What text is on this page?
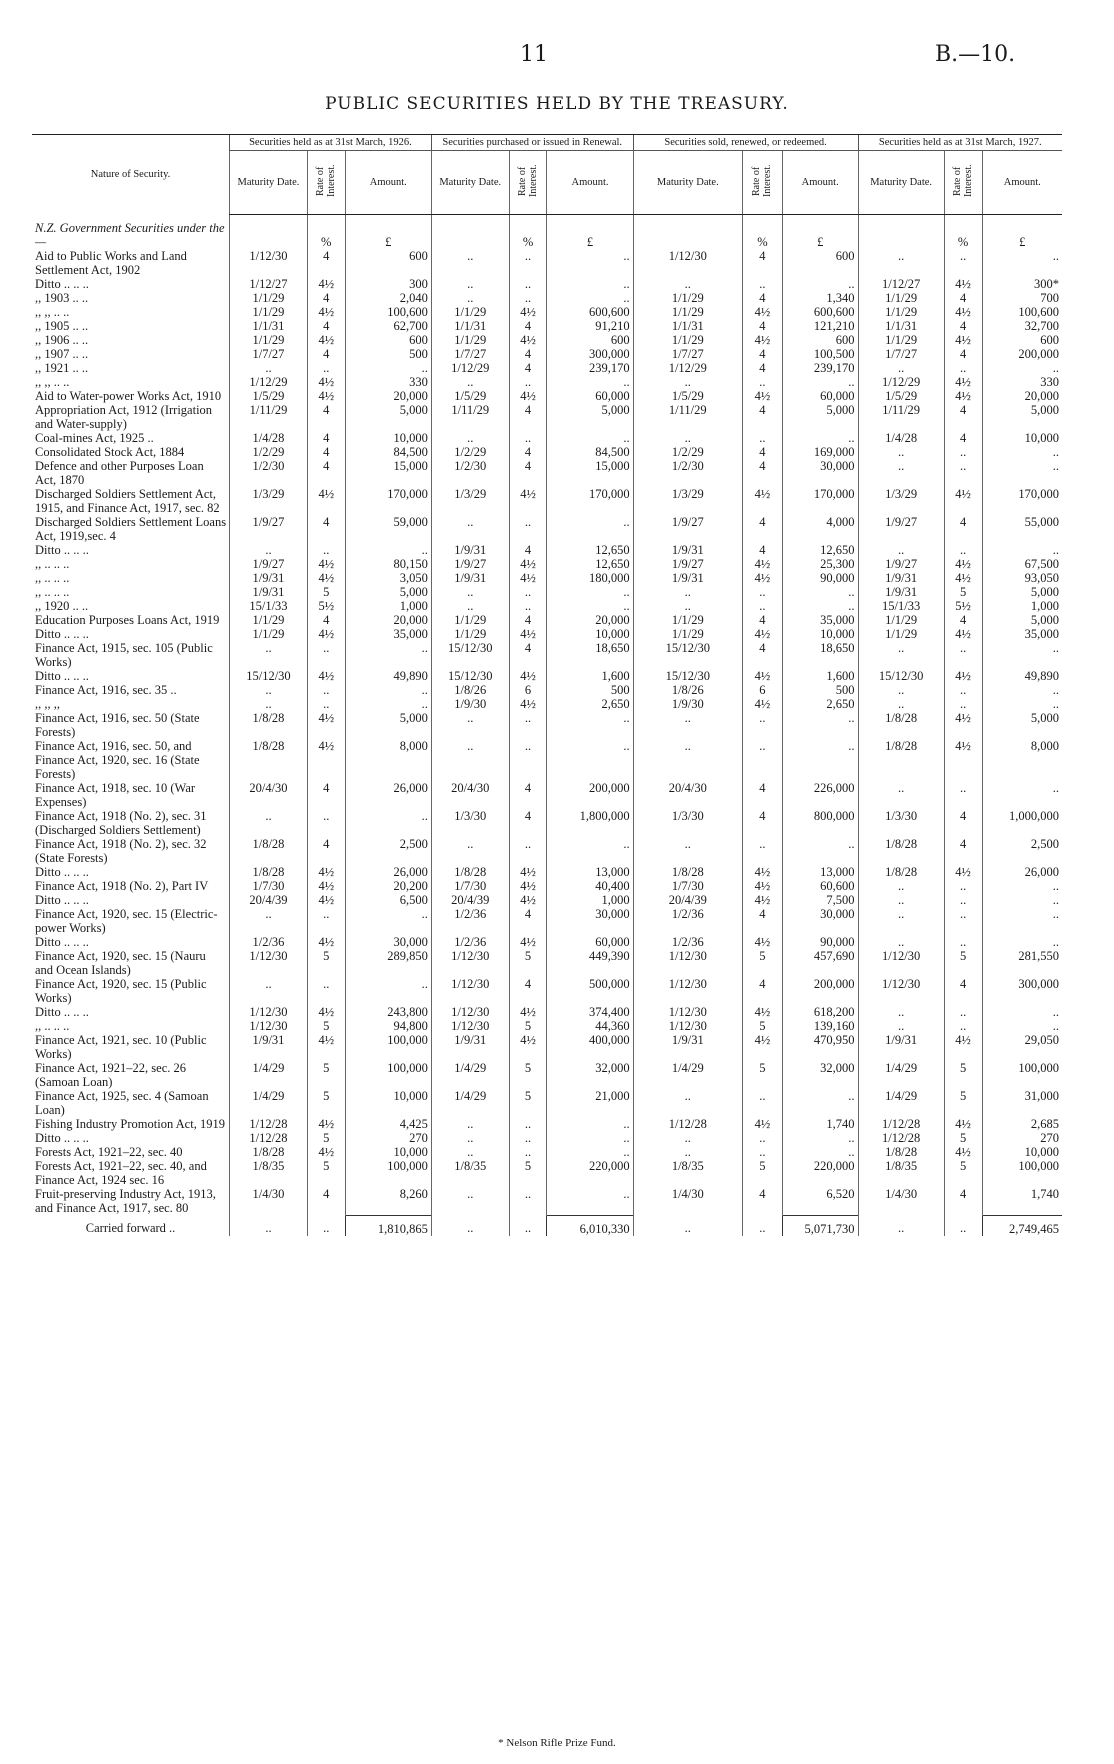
11	B.—10.
PUBLIC SECURITIES HELD BY THE TREASURY.
Nature of Security.	Securities held as at 31st March, 1926.			Securities purchased or issued in Renewal.			Securities sold, renewed, or redeemed.			Securities held as at 31st March, 1927.		
	Maturity Date.	Rate of Interest.	Amount.	Maturity Date.	Rate of Interest.	Amount.	Maturity Date.	Rate of Interest.	Amount.	Maturity Date.	Rate of Interest.	Amount.
N.Z. Government Securities under the—		%	£		%	£		%	£		%	£
Aid to Public Works and Land Settlement Act, 1902	1/12/30	4	600	..	..	..	1/12/30	4	600	..	..	..
Ditto .. .. ..	1/12/27	4½	300	..	..	..	..	..	..	1/12/27	4½	300*
,, 1903 .. ..	1/1/29	4	2,040	..	..	..	1/1/29	4	1,340	1/1/29	4	700
,, ,, .. ..	1/1/29	4½	100,600	1/1/29	4½	600,600	1/1/29	4½	600,600	1/1/29	4½	100,600
,, 1905 .. ..	1/1/31	4	62,700	1/1/31	4	91,210	1/1/31	4	121,210	1/1/31	4	32,700
,, 1906 .. ..	1/1/29	4½	600	1/1/29	4½	600	1/1/29	4½	600	1/1/29	4½	600
,, 1907 .. ..	1/7/27	4	500	1/7/27	4	300,000	1/7/27	4	100,500	1/7/27	4	200,000
,, 1921 .. ..	..	..	..	1/12/29	4	239,170	1/12/29	4	239,170	..	..	..
,, ,, .. ..	1/12/29	4½	330	..	..	..	..	..	..	1/12/29	4½	330
Aid to Water-power Works Act, 1910	1/5/29	4½	20,000	1/5/29	4½	60,000	1/5/29	4½	60,000	1/5/29	4½	20,000
Appropriation Act, 1912 (Irrigation and Water-supply)	1/11/29	4	5,000	1/11/29	4	5,000	1/11/29	4	5,000	1/11/29	4	5,000
Coal-mines Act, 1925 ..	1/4/28	4	10,000	..	..	..	..	..	..	1/4/28	4	10,000
Consolidated Stock Act, 1884	1/2/29	4	84,500	1/2/29	4	84,500	1/2/29	4	169,000	..	..	..
Defence and other Purposes Loan Act, 1870	1/2/30	4	15,000	1/2/30	4	15,000	1/2/30	4	30,000	..	..	..
Discharged Soldiers Settlement Act, 1915, and Finance Act, 1917, sec. 82	1/3/29	4½	170,000	1/3/29	4½	170,000	1/3/29	4½	170,000	1/3/29	4½	170,000
Discharged Soldiers Settlement Loans Act, 1919,sec. 4	1/9/27	4	59,000	..	..	..	1/9/27	4	4,000	1/9/27	4	55,000
Ditto .. .. ..	..	..	..	1/9/31	4	12,650	1/9/31	4	12,650	..	..	..
,, .. .. ..	1/9/27	4½	80,150	1/9/27	4½	12,650	1/9/27	4½	25,300	1/9/27	4½	67,500
,, .. .. ..	1/9/31	4½	3,050	1/9/31	4½	180,000	1/9/31	4½	90,000	1/9/31	4½	93,050
,, .. .. ..	1/9/31	5	5,000	..	..	..	..	..	..	1/9/31	5	5,000
,, 1920 .. ..	15/1/33	5½	1,000	..	..	..	..	..	..	15/1/33	5½	1,000
Education Purposes Loans Act, 1919	1/1/29	4	20,000	1/1/29	4	20,000	1/1/29	4	35,000	1/1/29	4	5,000
Ditto .. .. ..	1/1/29	4½	35,000	1/1/29	4½	10,000	1/1/29	4½	10,000	1/1/29	4½	35,000
Finance Act, 1915, sec. 105 (Public Works)	..	..	..	15/12/30	4	18,650	15/12/30	4	18,650	..	..	..
Ditto .. .. ..	15/12/30	4½	49,890	15/12/30	4½	1,600	15/12/30	4½	1,600	15/12/30	4½	49,890
Finance Act, 1916, sec. 35 ..	..	..	..	1/8/26	6	500	1/8/26	6	500	..	..	..
,, ,, ,,	..	..	..	1/9/30	4½	2,650	1/9/30	4½	2,650	..	..	..
Finance Act, 1916, sec. 50 (State Forests)	1/8/28	4½	5,000	..	..	..	..	..	..	1/8/28	4½	5,000
Finance Act, 1916, sec. 50, and Finance Act, 1920, sec. 16 (State Forests)	1/8/28	4½	8,000	..	..	..	..	..	..	1/8/28	4½	8,000
Finance Act, 1918, sec. 10 (War Expenses)	20/4/30	4	26,000	20/4/30	4	200,000	20/4/30	4	226,000	..	..	..
Finance Act, 1918 (No. 2), sec. 31 (Discharged Soldiers Settlement)	..	..	..	1/3/30	4	1,800,000	1/3/30	4	800,000	1/3/30	4	1,000,000
Finance Act, 1918 (No. 2), sec. 32 (State Forests)	1/8/28	4	2,500	..	..	..	..	..	..	1/8/28	4	2,500
Ditto .. .. ..	1/8/28	4½	26,000	1/8/28	4½	13,000	1/8/28	4½	13,000	1/8/28	4½	26,000
Finance Act, 1918 (No. 2), Part IV	1/7/30	4½	20,200	1/7/30	4½	40,400	1/7/30	4½	60,600	..	..	..
Ditto .. .. ..	20/4/39	4½	6,500	20/4/39	4½	1,000	20/4/39	4½	7,500	..	..	..
Finance Act, 1920, sec. 15 (Electric-power Works)	..	..	..	1/2/36	4	30,000	1/2/36	4	30,000	..	..	..
Ditto .. .. ..	1/2/36	4½	30,000	1/2/36	4½	60,000	1/2/36	4½	90,000	..	..	..
Finance Act, 1920, sec. 15 (Nauru and Ocean Islands)	1/12/30	5	289,850	1/12/30	5	449,390	1/12/30	5	457,690	1/12/30	5	281,550
Finance Act, 1920, sec. 15 (Public Works)	..	..	..	1/12/30	4	500,000	1/12/30	4	200,000	1/12/30	4	300,000
Ditto .. .. ..	1/12/30	4½	243,800	1/12/30	4½	374,400	1/12/30	4½	618,200	..	..	..
,, .. .. ..	1/12/30	5	94,800	1/12/30	5	44,360	1/12/30	5	139,160	..	..	..
Finance Act, 1921, sec. 10 (Public Works)	1/9/31	4½	100,000	1/9/31	4½	400,000	1/9/31	4½	470,950	1/9/31	4½	29,050
Finance Act, 1921–22, sec. 26 (Samoan Loan)	1/4/29	5	100,000	1/4/29	5	32,000	1/4/29	5	32,000	1/4/29	5	100,000
Finance Act, 1925, sec. 4 (Samoan Loan)	1/4/29	5	10,000	1/4/29	5	21,000	..	..	..	1/4/29	5	31,000
Fishing Industry Promotion Act, 1919	1/12/28	4½	4,425	..	..	..	1/12/28	4½	1,740	1/12/28	4½	2,685
Ditto .. .. ..	1/12/28	5	270	..	..	..	..	..	..	1/12/28	5	270
Forests Act, 1921–22, sec. 40	1/8/28	4½	10,000	..	..	..	..	..	..	1/8/28	4½	10,000
Forests Act, 1921–22, sec. 40, and Finance Act, 1924 sec. 16	1/8/35	5	100,000	1/8/35	5	220,000	1/8/35	5	220,000	1/8/35	5	100,000
Fruit-preserving Industry Act, 1913, and Finance Act, 1917, sec. 80	1/4/30	4	8,260	..	..	..	1/4/30	4	6,520	1/4/30	4	1,740
Carried forward ..	..	..	1,810,865	..	..	6,010,330	..	..	5,071,730	..	..	2,749,465
* Nelson Rifle Prize Fund.
